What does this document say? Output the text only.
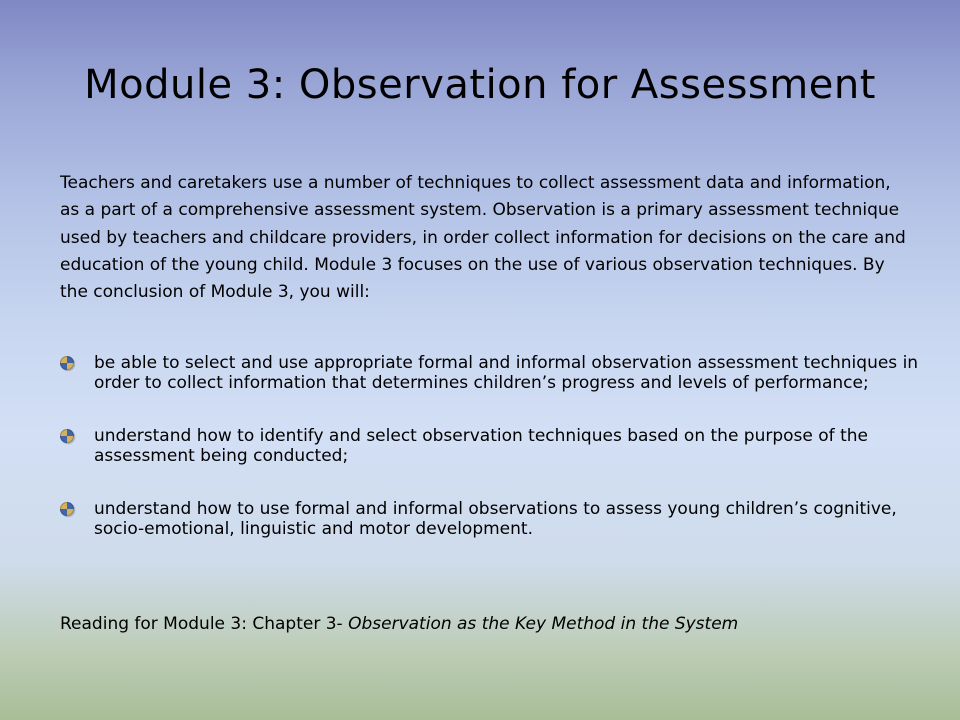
Module 3: Observation for Assessment

Teachers and caretakers use a number of techniques to collect assessment data and information, as a part of a comprehensive assessment system. Observation is a primary assessment technique used by teachers and childcare providers, in order collect information for decisions on the care and education of the young child. Module 3 focuses on the use of various observation techniques. By the conclusion of Module 3, you will:

be able to select and use appropriate formal and informal observation assessment techniques in order to collect information that determines children’s progress and levels of performance;
understand how to identify and select observation techniques based on the purpose of the assessment being conducted;
understand how to use formal and informal observations to assess young children’s cognitive, socio-emotional, linguistic and motor development.

Reading for Module 3: Chapter 3- Observation as the Key Method in the System
